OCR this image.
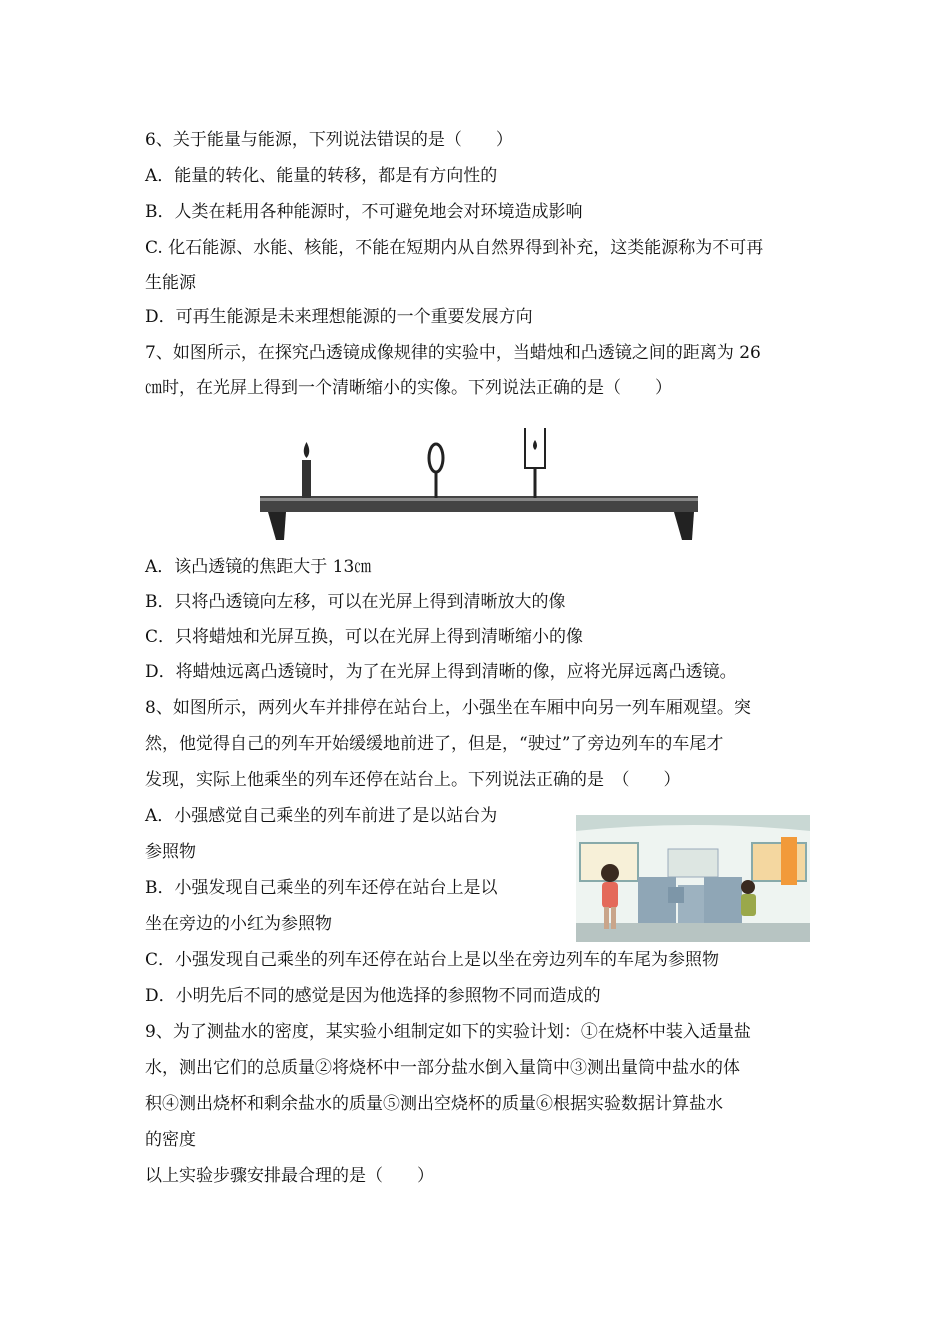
6、关于能量与能源，下列说法错误的是（　　）
A．能量的转化、能量的转移，都是有方向性的
B．人类在耗用各种能源时，不可避免地会对环境造成影响
C. 化石能源、水能、核能，不能在短期内从自然界得到补充，这类能源称为不可再
生能源
D．可再生能源是未来理想能源的一个重要发展方向
7、如图所示，在探究凸透镜成像规律的实验中，当蜡烛和凸透镜之间的距离为 26
㎝时，在光屏上得到一个清晰缩小的实像。下列说法正确的是（　　）
A．该凸透镜的焦距大于 13㎝
B．只将凸透镜向左移，可以在光屏上得到清晰放大的像
C．只将蜡烛和光屏互换，可以在光屏上得到清晰缩小的像
D．将蜡烛远离凸透镜时，为了在光屏上得到清晰的像，应将光屏远离凸透镜。
8、如图所示，两列火车并排停在站台上，小强坐在车厢中向另一列车厢观望。突
然，他觉得自己的列车开始缓缓地前进了，但是，“驶过”了旁边列车的车尾才
发现，实际上他乘坐的列车还停在站台上。下列说法正确的是　（　　）
A．小强感觉自己乘坐的列车前进了是以站台为
参照物
B．小强发现自己乘坐的列车还停在站台上是以
坐在旁边的小红为参照物
C．小强发现自己乘坐的列车还停在站台上是以坐在旁边列车的车尾为参照物
D．小明先后不同的感觉是因为他选择的参照物不同而造成的
9、为了测盐水的密度，某实验小组制定如下的实验计划：①在烧杯中装入适量盐
水，测出它们的总质量②将烧杯中一部分盐水倒入量筒中③测出量筒中盐水的体
积④测出烧杯和剩余盐水的质量⑤测出空烧杯的质量⑥根据实验数据计算盐水
的密度
以上实验步骤安排最合理的是（　　）
